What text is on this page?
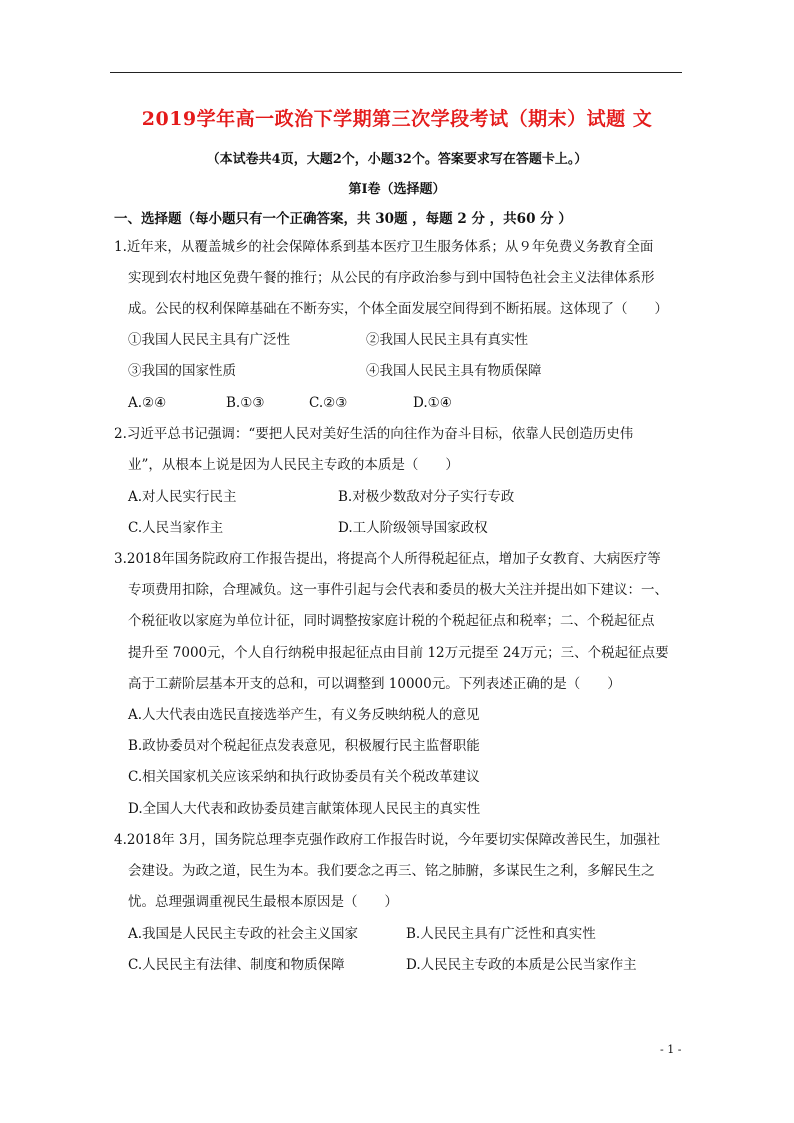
2019学年高一政治下学期第三次学段考试（期末）试题 文
（本试卷共4页，大题2个，小题32个。答案要求写在答题卡上。）
第Ⅰ卷（选择题）
一、选择题（每小题只有一个正确答案，共 30题 ，每题 2 分 ，共60 分 ）
1.近年来，从覆盖城乡的社会保障体系到基本医疗卫生服务体系；从９年免费义务教育全面
实现到农村地区免费午餐的推行；从公民的有序政治参与到中国特色社会主义法律体系形
成。公民的权利保障基础在不断夯实，个体全面发展空间得到不断拓展。这体现了（　　）
①我国人民民主具有广泛性	②我国人民民主具有真实性
③我国的国家性质	④我国人民民主具有物质保障
A.②④	B.①③	C.②③	D.①④
2.习近平总书记强调：“要把人民对美好生活的向往作为奋斗目标，依靠人民创造历史伟
业”，从根本上说是因为人民民主专政的本质是（　　）
A.对人民实行民主	B.对极少数敌对分子实行专政
C.人民当家作主	D.工人阶级领导国家政权
3.2018年国务院政府工作报告提出，将提高个人所得税起征点，增加子女教育、大病医疗等
专项费用扣除，合理减负。这一事件引起与会代表和委员的极大关注并提出如下建议：一、
个税征收以家庭为单位计征，同时调整按家庭计税的个税起征点和税率；二、个税起征点
提升至 7000元，个人自行纳税申报起征点由目前 12万元提至 24万元；三、个税起征点要
高于工薪阶层基本开支的总和，可以调整到 10000元。下列表述正确的是（　　）
A.人大代表由选民直接选举产生，有义务反映纳税人的意见
B.政协委员对个税起征点发表意见，积极履行民主监督职能
C.相关国家机关应该采纳和执行政协委员有关个税改革建议
D.全国人大代表和政协委员建言献策体现人民民主的真实性
4.2018年 3月，国务院总理李克强作政府工作报告时说，今年要切实保障改善民生，加强社
会建设。为政之道，民生为本。我们要念之再三、铭之肺腑，多谋民生之利，多解民生之
忧。总理强调重视民生最根本原因是（　　）
A.我国是人民民主专政的社会主义国家	B.人民民主具有广泛性和真实性
C.人民民主有法律、制度和物质保障	D.人民民主专政的本质是公民当家作主
- 1 -
